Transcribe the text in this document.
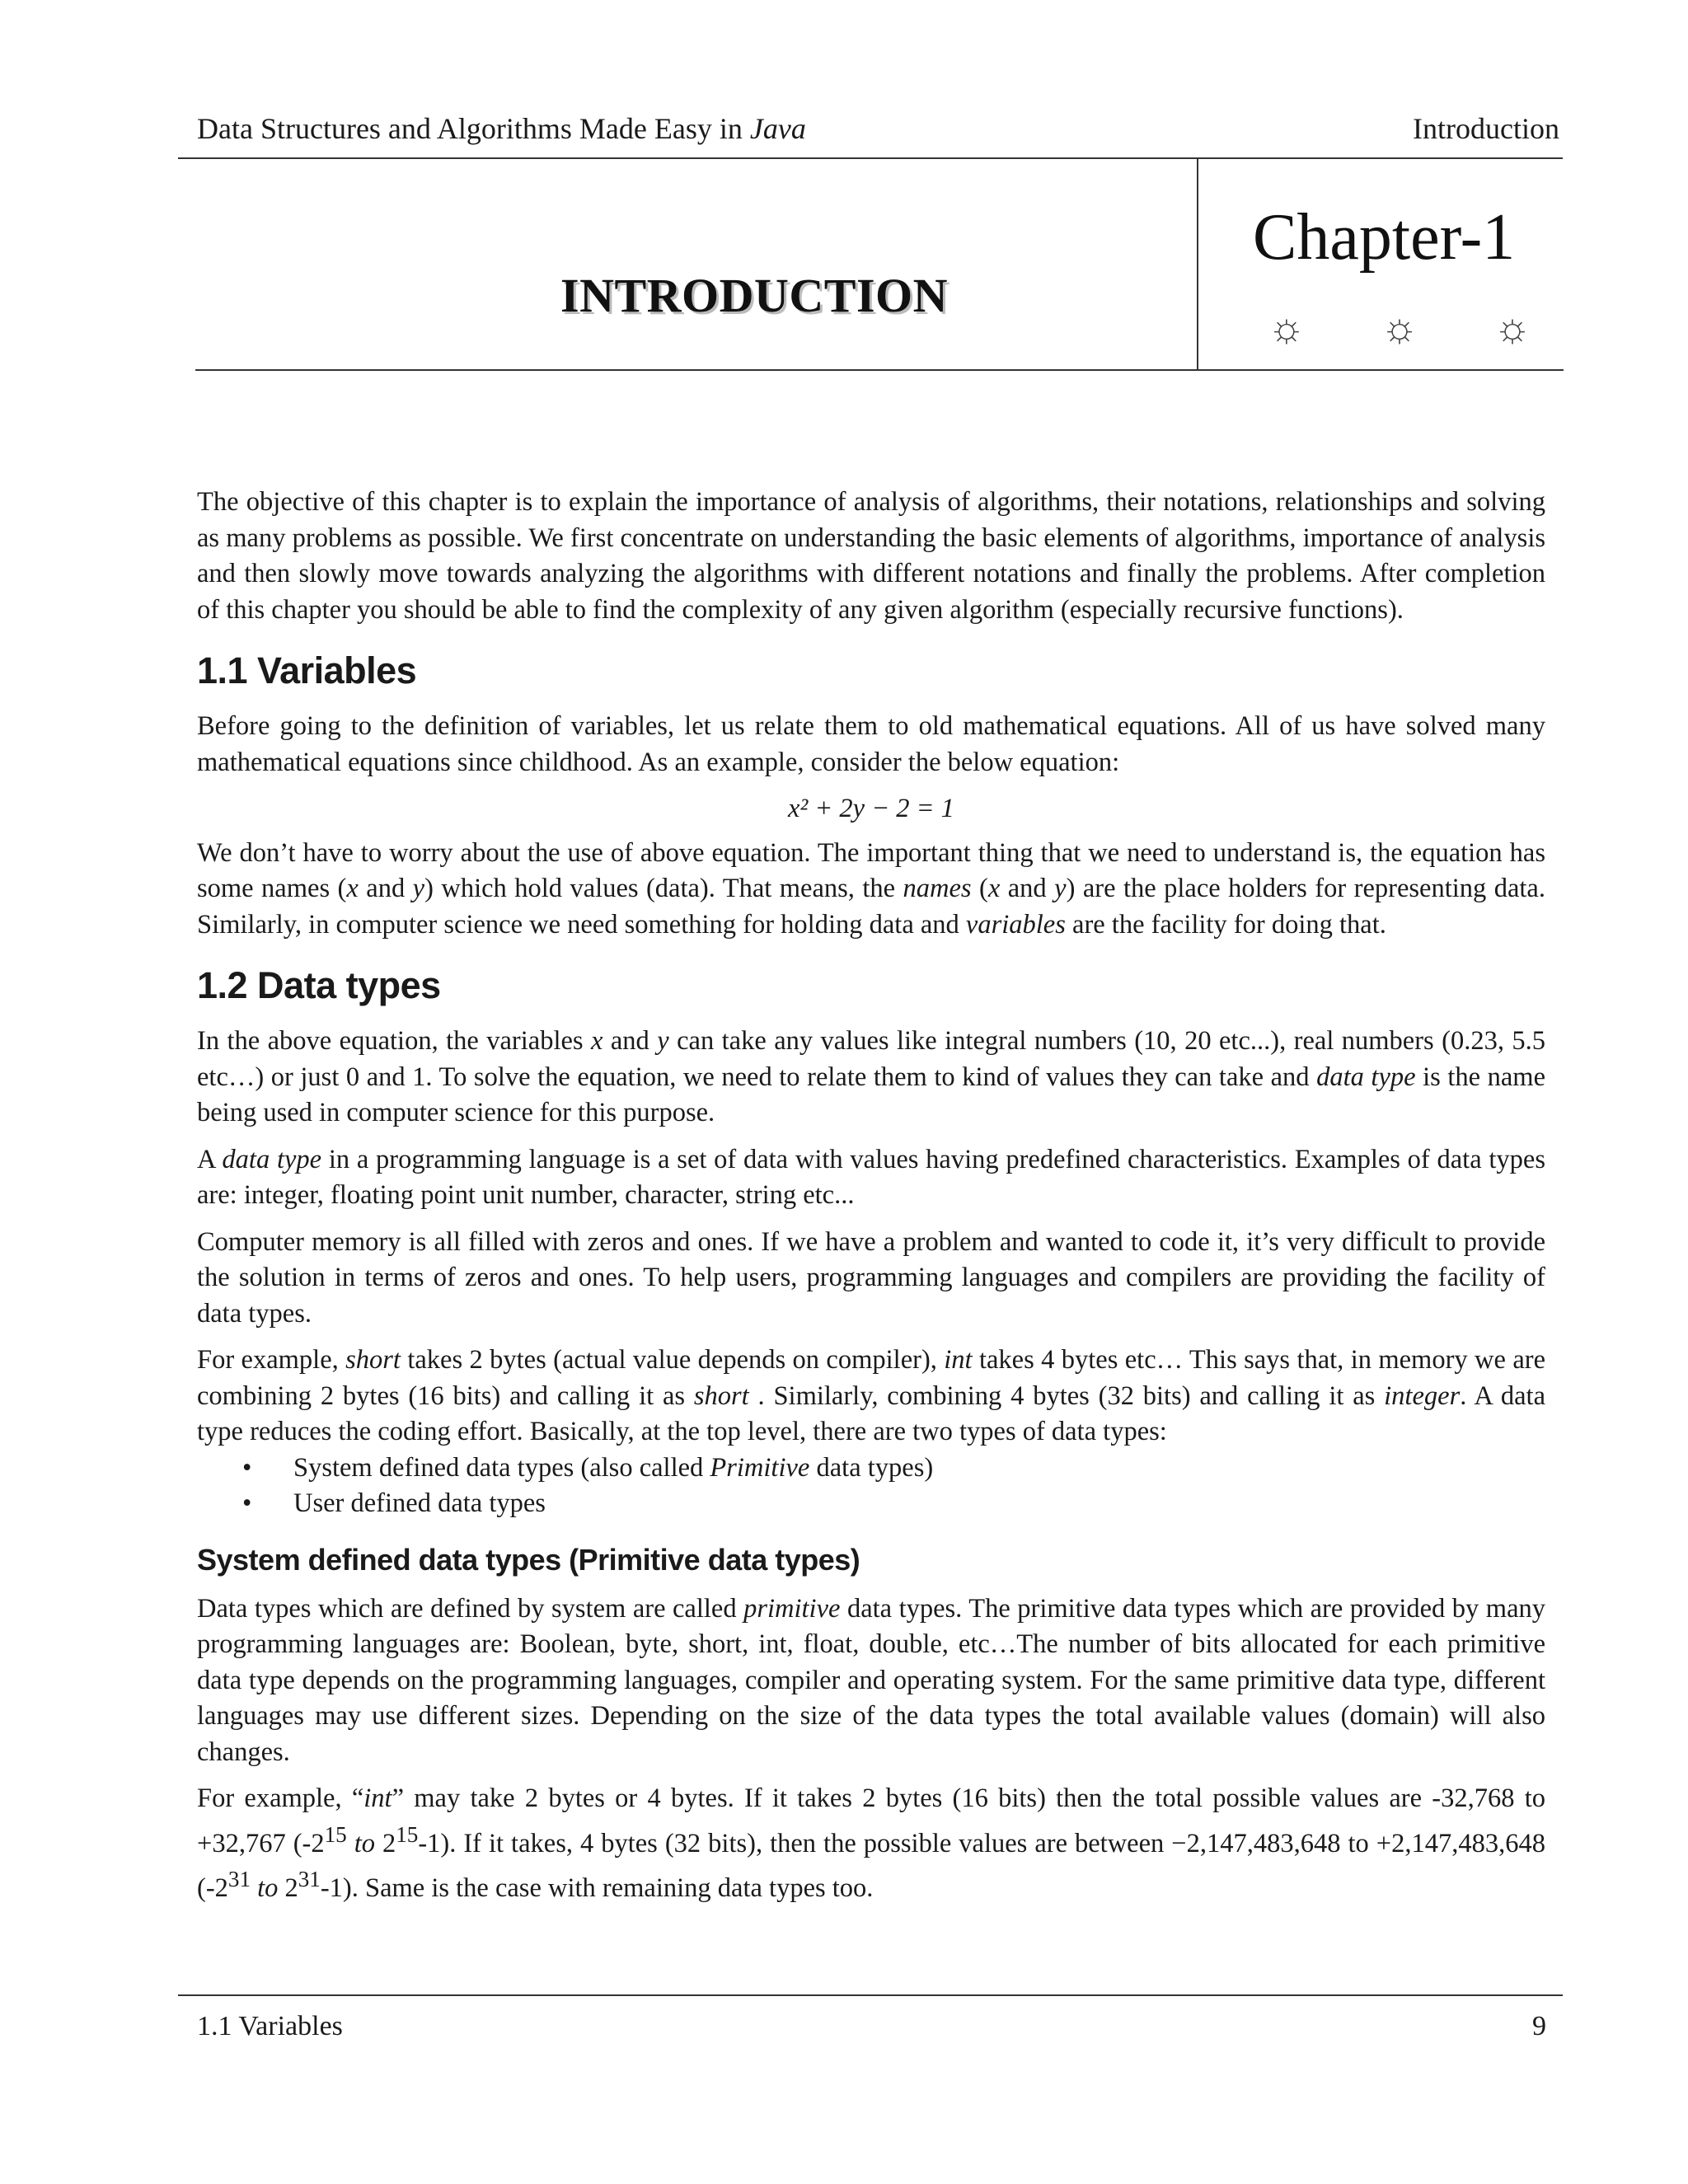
Data Structures and Algorithms Made Easy in Java	Introduction
INTRODUCTION
Chapter-1
☼ ☼ ☼

The objective of this chapter is to explain the importance of analysis of algorithms, their notations, relationships and solving as many problems as possible. We first concentrate on understanding the basic elements of algorithms, importance of analysis and then slowly move towards analyzing the algorithms with different notations and finally the problems. After completion of this chapter you should be able to find the complexity of any given algorithm (especially recursive functions).

1.1 Variables

Before going to the definition of variables, let us relate them to old mathematical equations. All of us have solved many mathematical equations since childhood. As an example, consider the below equation:

x² + 2y − 2 = 1

We don’t have to worry about the use of above equation. The important thing that we need to understand is, the equation has some names (x and y) which hold values (data). That means, the names (x and y) are the place holders for representing data. Similarly, in computer science we need something for holding data and variables are the facility for doing that.

1.2 Data types

In the above equation, the variables x and y can take any values like integral numbers (10, 20 etc...), real numbers (0.23, 5.5 etc…) or just 0 and 1. To solve the equation, we need to relate them to kind of values they can take and data type is the name being used in computer science for this purpose.

A data type in a programming language is a set of data with values having predefined characteristics. Examples of data types are: integer, floating point unit number, character, string etc...

Computer memory is all filled with zeros and ones. If we have a problem and wanted to code it, it’s very difficult to provide the solution in terms of zeros and ones. To help users, programming languages and compilers are providing the facility of data types.

For example, short takes 2 bytes (actual value depends on compiler), int takes 4 bytes etc… This says that, in memory we are combining 2 bytes (16 bits) and calling it as short . Similarly, combining 4 bytes (32 bits) and calling it as integer. A data type reduces the coding effort. Basically, at the top level, there are two types of data types:

• System defined data types (also called Primitive data types)
• User defined data types
System defined data types (Primitive data types)

Data types which are defined by system are called primitive data types. The primitive data types which are provided by many programming languages are: Boolean, byte, short, int, float, double, etc…The number of bits allocated for each primitive data type depends on the programming languages, compiler and operating system. For the same primitive data type, different languages may use different sizes. Depending on the size of the data types the total available values (domain) will also changes.

For example, “int” may take 2 bytes or 4 bytes. If it takes 2 bytes (16 bits) then the total possible values are -32,768 to +32,767 ($-2^{15}$ to $2^{15}-1$). If it takes, 4 bytes (32 bits), then the possible values are between −2,147,483,648 to +2,147,483,648 ($-2^{31}$ to $2^{31}-1$). Same is the case with remaining data types too.

1.1 Variables	9
